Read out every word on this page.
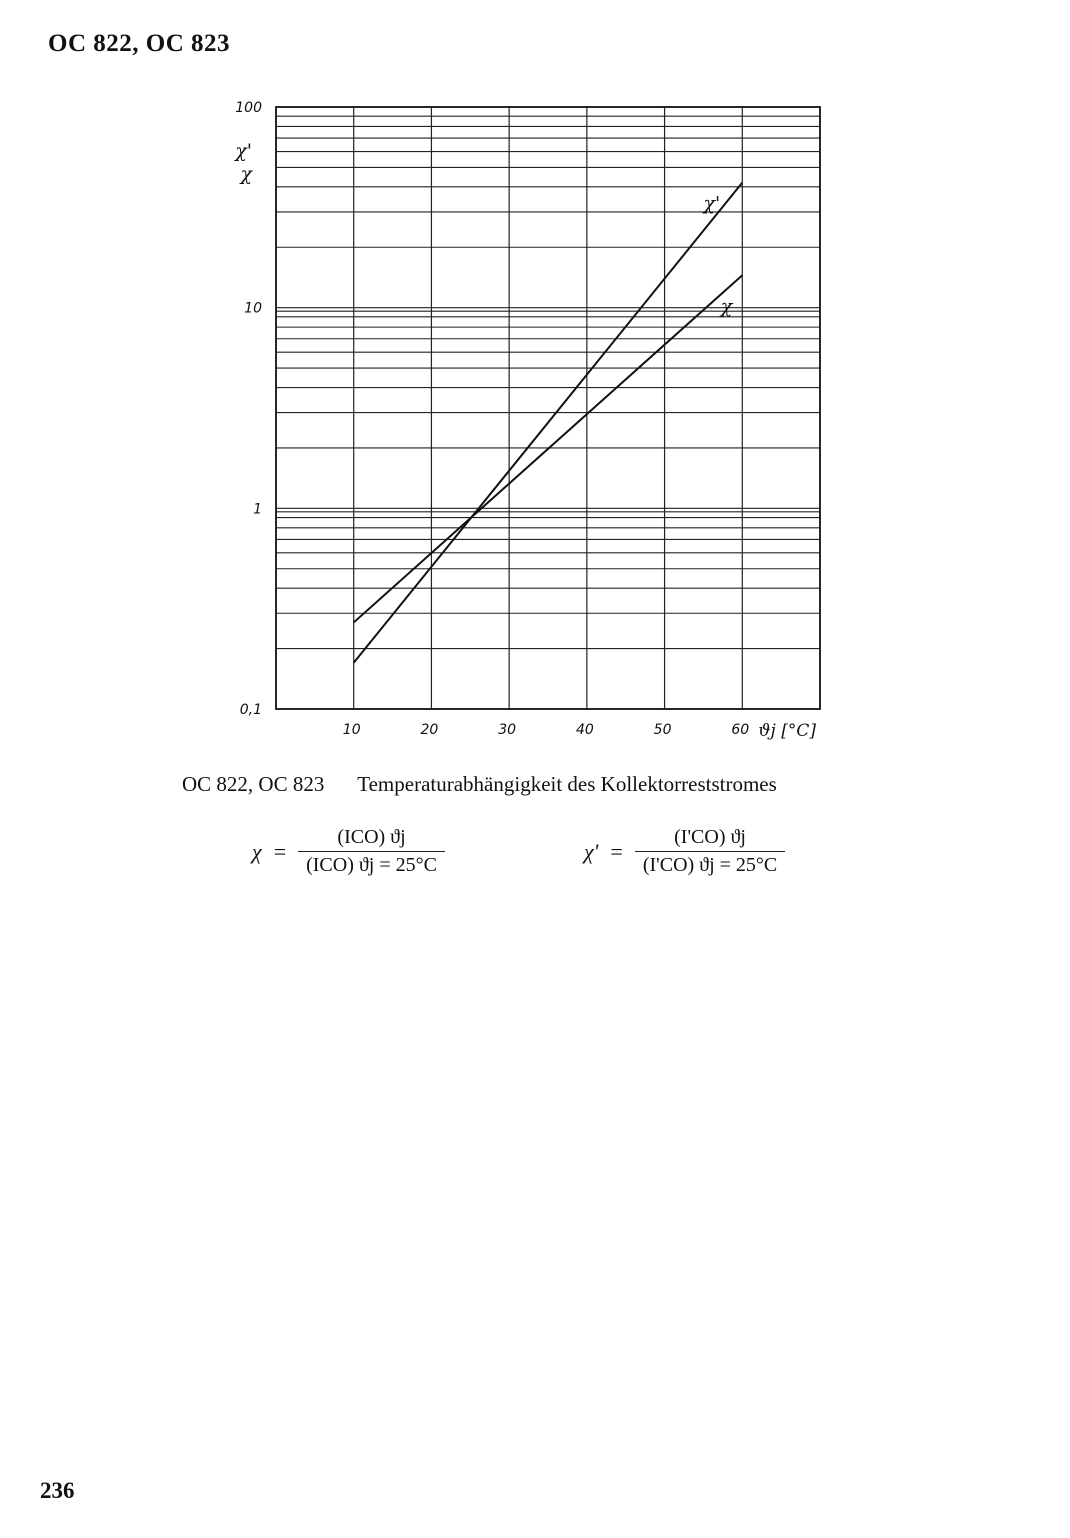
OC 822, OC 823
100
10
1
0,1
χ'
χ
10	20	30	40	50	60 ϑj [°C]
χ'
χ
OC 822, OC 823 Temperaturabhängigkeit des Kollektorreststromes
$\chi = \frac{\text{(ICO) ϑj}}{\text{(ICO) ϑj = 25°C}}$	$\chi' = \frac{(I'CO) ϑj}{(I'CO) ϑj = 25^\circ C}$
236
